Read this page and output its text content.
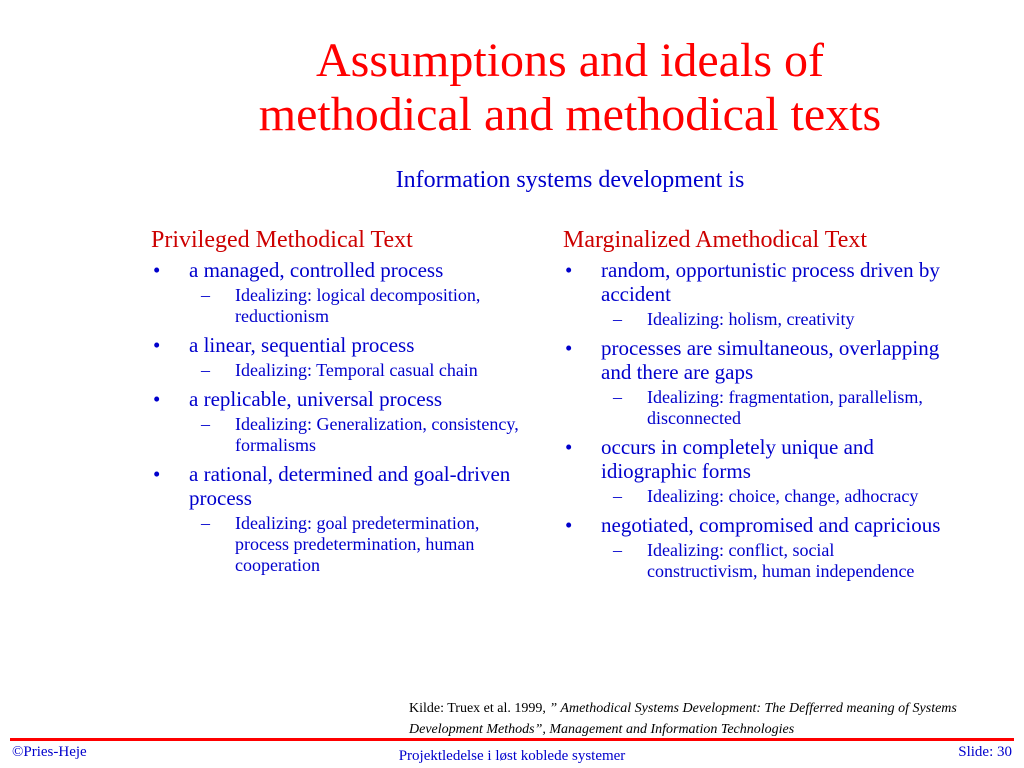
Assumptions and ideals of
methodical and methodical texts
Information systems development is
Privileged Methodical Text
• a managed, controlled process
– Idealizing: logical decomposition, reductionism
• a linear, sequential process
– Idealizing: Temporal casual chain
• a replicable, universal process
– Idealizing: Generalization, consistency, formalisms
• a rational, determined and goal-driven process
– Idealizing: goal predetermination, process predetermination, human cooperation
Marginalized Amethodical Text
• random, opportunistic process driven by accident
– Idealizing: holism, creativity
• processes are simultaneous, overlapping and there are gaps
– Idealizing: fragmentation, parallelism, disconnected
• occurs in completely unique and idiographic forms
– Idealizing: choice, change, adhocracy
• negotiated, compromised and capricious
– Idealizing: conflict, social constructivism, human independence
Kilde: Truex et al. 1999, ” Amethodical Systems Development: The Defferred meaning of Systems Development Methods”, Management and Information Technologies
©Pries-Heje	Projektledelse i løst koblede systemer	Slide: 30
